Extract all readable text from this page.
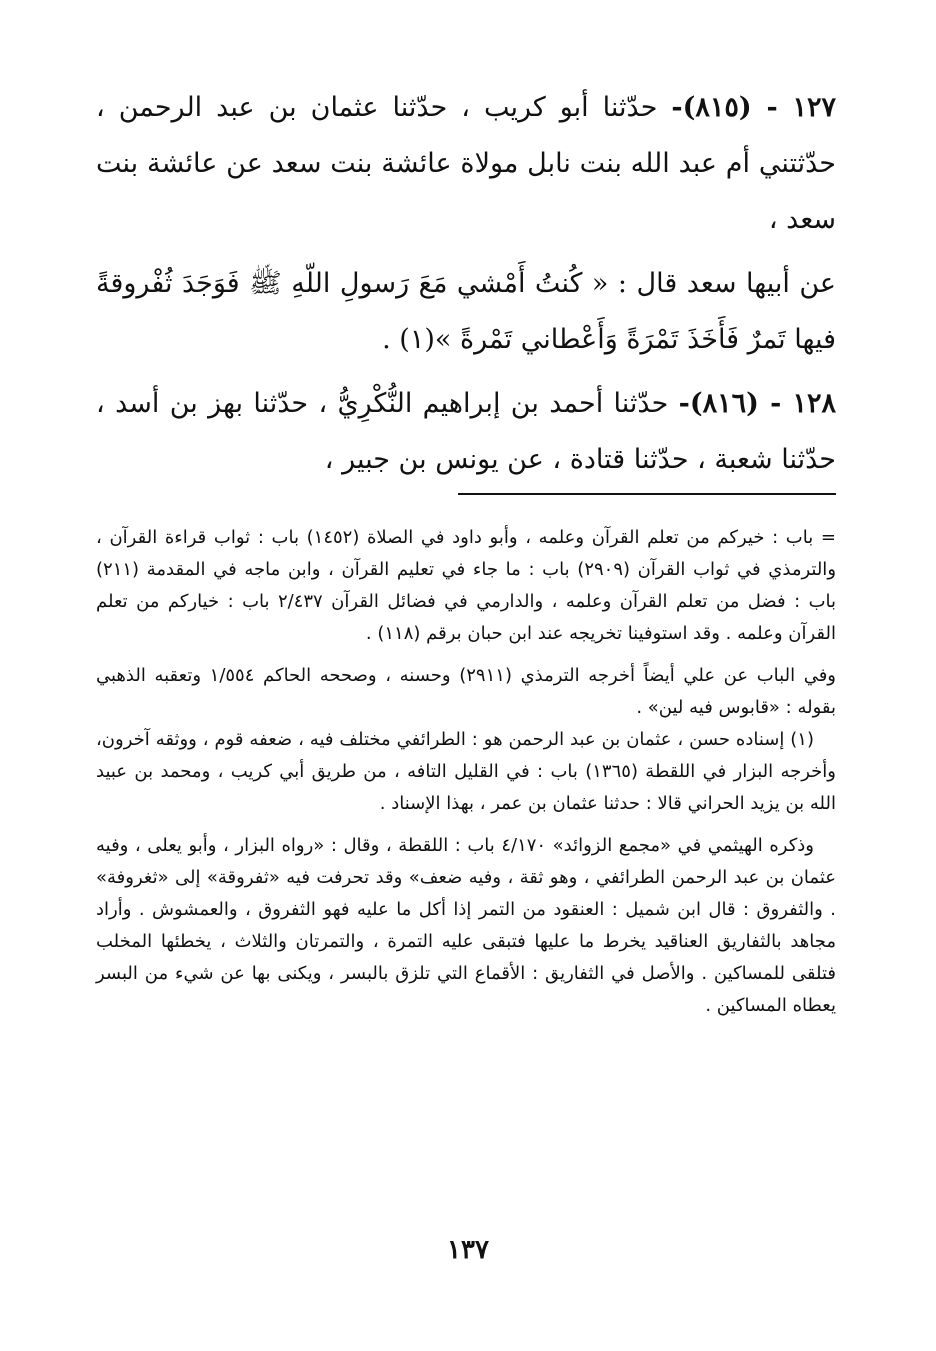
١٢٧ - (٨١٥)- حدّثنا أبو كريب ، حدّثنا عثمان بن عبد الرحمن ، حدّثتني أم عبد الله بنت نابل مولاة عائشة بنت سعد عن عائشة بنت سعد ،

عن أبيها سعد قال : « كُنتُ أَمْشي مَعَ رَسولِ اللّهِ ﷺ فَوَجَدَ ثُفْروقةً فيها تَمرٌ فَأَخَذَ تَمْرَةً وَأَعْطاني تَمْرةً »(١) .

١٢٨ - (٨١٦)- حدّثنا أحمد بن إبراهيم النُّكْرِيُّ ، حدّثنا بهز بن أسد ، حدّثنا شعبة ، حدّثنا قتادة ، عن يونس بن جبير ،

= باب : خيركم من تعلم القرآن وعلمه ، وأبو داود في الصلاة (١٤٥٢) باب : ثواب قراءة القرآن ، والترمذي في ثواب القرآن (٢٩٠٩) باب : ما جاء في تعليم القرآن ، وابن ماجه في المقدمة (٢١١) باب : فضل من تعلم القرآن وعلمه ، والدارمي في فضائل القرآن ٢/٤٣٧ باب : خياركم من تعلم القرآن وعلمه . وقد استوفينا تخريجه عند ابن حبان برقم (١١٨) .

وفي الباب عن علي أيضاً أخرجه الترمذي (٢٩١١) وحسنه ، وصححه الحاكم ١/٥٥٤ وتعقبه الذهبي بقوله : «قابوس فيه لين» .

(١) إسناده حسن ، عثمان بن عبد الرحمن هو : الطرائفي مختلف فيه ، ضعفه قوم ، ووثقه آخرون، وأخرجه البزار في اللقطة (١٣٦٥) باب : في القليل التافه ، من طريق أبي كريب ، ومحمد بن عبيد الله بن يزيد الحراني قالا : حدثنا عثمان بن عمر ، بهذا الإسناد .

وذكره الهيثمي في «مجمع الزوائد» ٤/١٧٠ باب : اللقطة ، وقال : «رواه البزار ، وأبو يعلى ، وفيه عثمان بن عبد الرحمن الطرائفي ، وهو ثقة ، وفيه ضعف» وقد تحرفت فيه «ثفروقة» إلى «ثغروفة» . والثفروق : قال ابن شميل : العنقود من التمر إذا أكل ما عليه فهو الثفروق ، والعمشوش . وأراد مجاهد بالثفاريق العناقيد يخرط ما عليها فتبقى عليه التمرة ، والتمرتان والثلاث ، يخطئها المخلب فتلقى للمساكين . والأصل في الثفاريق : الأقماع التي تلزق بالبسر ، ويكنى بها عن شيء من البسر يعطاه المساكين .

١٣٧
